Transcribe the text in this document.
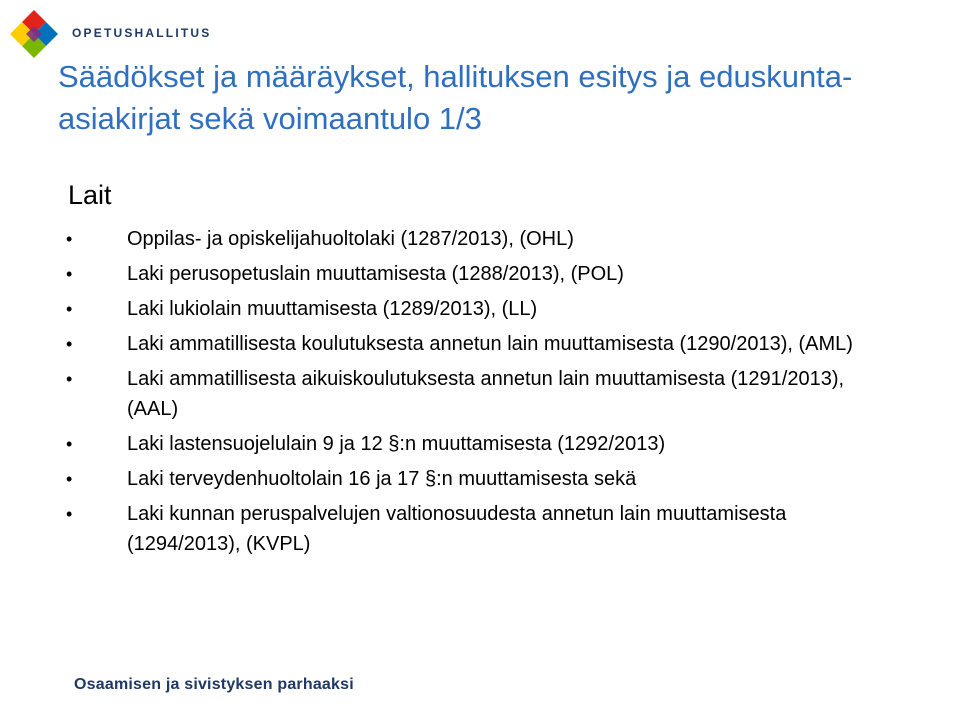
OPETUSHALLITUS
Säädökset ja määräykset, hallituksen esitys ja eduskunta-asiakirjat sekä voimaantulo 1/3
Lait
•	Oppilas- ja opiskelijahuoltolaki (1287/2013), (OHL)
•	Laki perusopetuslain muuttamisesta (1288/2013), (POL)
•	Laki lukiolain muuttamisesta (1289/2013), (LL)
•	Laki ammatillisesta koulutuksesta annetun lain muuttamisesta (1290/2013), (AML)
•	Laki ammatillisesta aikuiskoulutuksesta annetun lain muuttamisesta (1291/2013), (AAL)
•	Laki lastensuojelulain 9 ja 12 §:n muuttamisesta (1292/2013)
•	Laki terveydenhuoltolain 16 ja 17 §:n muuttamisesta sekä
•	Laki kunnan peruspalvelujen valtionosuudesta annetun lain muuttamisesta (1294/2013), (KVPL)
Osaamisen ja sivistyksen parhaaksi
